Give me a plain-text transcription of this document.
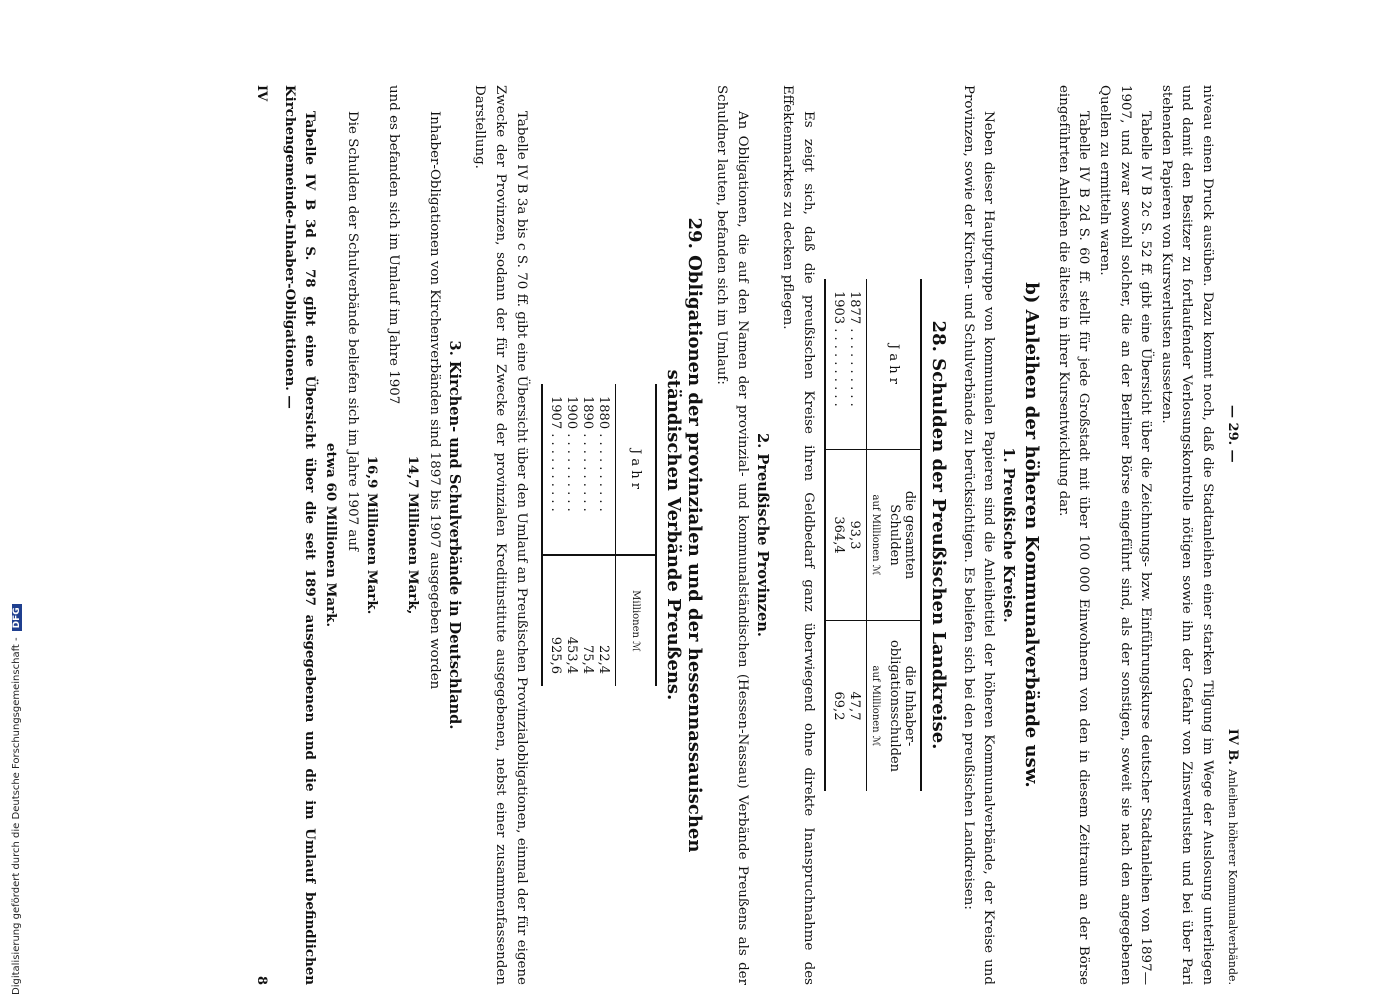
Digitalisierung gefördert durch die Deutsche Forschungsgemeinschaft -DFG
— 29. —
IV B. Anleihen höherer Kommunalverbände.

niveau einen Druck ausüben. Dazu kommt noch, daß die Stadtanleihen einer starken Tilgung im Wege der Auslosung unterliegen und damit den Besitzer zu fortlaufender Verlosungskontrolle nötigen sowie ihn der Gefahr von Zinsverlusten und bei über Pari stehenden Papieren von Kursverlusten aussetzen.

Tabelle IV B 2c S. 52 ff. gibt eine Übersicht über die Zeichnungs- bzw. Einführungskurse deutscher Stadtanleihen von 1897—1907, und zwar sowohl solcher, die an der Berliner Börse eingeführt sind, als der sonstigen, soweit sie nach den angegebenen Quellen zu ermitteln waren.

Tabelle IV B 2d S. 60 ff. stellt für jede Großstadt mit über 100 000 Einwohnern von den in diesem Zeitraum an der Börse eingeführten Anleihen die älteste in ihrer Kursentwicklung dar.

b) Anleihen der höheren Kommunalverbände usw.
1. Preußische Kreise.

Neben dieser Hauptgruppe von kommunalen Papieren sind die Anleihetitel der höheren Kommunalverbände, der Kreise und Provinzen, sowie der Kirchen- und Schulverbände zu berücksichtigen. Es beliefen sich bei den preußischen Landkreisen:

28. Schulden der Preußischen Landkreise.
J a h r	die gesamten Schulden	die Inhaber-obligationsschulden
	auf Millionen ℳ	auf Millionen ℳ
1877 . . . . . . . . . .	93,3	47,7
1903 . . . . . . . . . .	364,4	69,2

Es zeigt sich, daß die preußischen Kreise ihren Geldbedarf ganz überwiegend ohne direkte Inanspruchnahme des Effektenmarktes zu decken pflegen.

2. Preußische Provinzen.

An Obligationen, die auf den Namen der provinzial- und kommunalständischen (Hessen-Nassau) Verbände Preußens als der Schuldner lauten, befanden sich im Umlauf:

29. Obligationen der provinzialen und der hessennassauischen ständischen Verbände Preußens.
J a h r	Millionen ℳ
1880 . . . . . . . . . .	22,4
1890 . . . . . . . . . .	75,4
1900 . . . . . . . . . .	453,4
1907 . . . . . . . . . .	925,6

Tabelle IV B 3a bis c S. 70 ff. gibt eine Übersicht über den Umlauf an Preußischen Provinzialobligationen, einmal der für eigene Zwecke der Provinzen, sodann der für Zwecke der provinzialen Kreditinstitute ausgegebenen, nebst einer zusammenfassenden Darstellung.

3. Kirchen- und Schulverbände in Deutschland.

Inhaber-Obligationen von Kirchenverbänden sind 1897 bis 1907 ausgegeben worden

14,7 Millionen Mark,

und es befanden sich im Umlauf im Jahre 1907

16,9 Millionen Mark.

Die Schulden der Schulverbände beliefen sich im Jahre 1907 auf

etwa 60 Millionen Mark.

Tabelle IV B 3d S. 78 gibt eine Übersicht über die seit 1897 ausgegebenen und die im Umlauf befindlichen Kirchengemeinde-Inhaber-Obligationen. —

IV
8
